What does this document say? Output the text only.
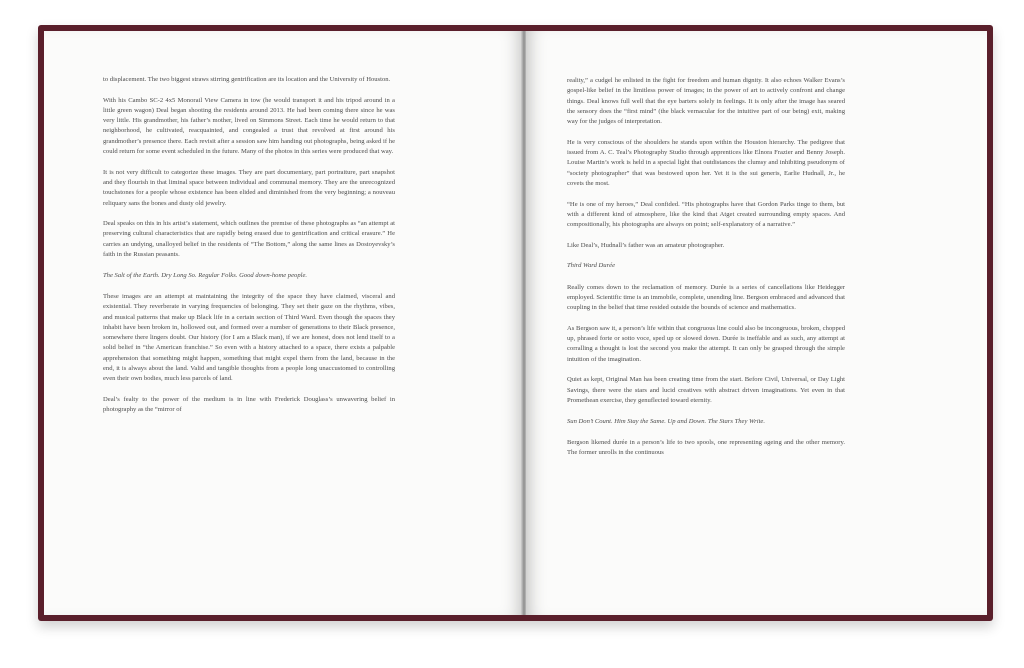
to displacement. The two biggest straws stirring gentrification are its location and the University of Houston.

With his Cambo SC-2 4x5 Monorail View Camera in tow (he would transport it and his tripod around in a little green wagon) Deal began shooting the residents around 2013. He had been coming there since he was very little. His grandmother, his father’s mother, lived on Simmons Street. Each time he would return to that neighborhood, he cultivated, reacquainted, and congealed a trust that revolved at first around his grandmother’s presence there. Each revisit after a session saw him handing out photographs, being asked if he could return for some event scheduled in the future. Many of the photos in this series were produced that way.

It is not very difficult to categorize these images. They are part documentary, part portraiture, part snapshot and they flourish in that liminal space between individual and communal memory. They are the unrecognized touchstones for a people whose existence has been elided and diminished from the very beginning; a nouveau reliquary sans the bones and dusty old jewelry.

Deal speaks on this in his artist’s statement, which outlines the premise of these photographs as “an attempt at preserving cultural characteristics that are rapidly being erased due to gentrification and critical erasure.” He carries an undying, unalloyed belief in the residents of “The Bottom,” along the same lines as Dostoyevsky’s faith in the Russian peasants.

The Salt of the Earth. Dry Long So. Regular Folks. Good down-home people.

These images are an attempt at maintaining the integrity of the space they have claimed, visceral and existential. They reverberate in varying frequencies of belonging. They set their gaze on the rhythms, vibes, and musical patterns that make up Black life in a certain section of Third Ward. Even though the spaces they inhabit have been broken in, hollowed out, and formed over a number of generations to their Black presence, somewhere there lingers doubt. Our history (for I am a Black man), if we are honest, does not lend itself to a solid belief in “the American franchise.” So even with a history attached to a space, there exists a palpable apprehension that something might happen, something that might expel them from the land, because in the end, it is always about the land. Valid and tangible thoughts from a people long unaccustomed to controlling even their own bodies, much less parcels of land.

Deal’s fealty to the power of the medium is in line with Frederick Douglass’s unwavering belief in photography as the “mirror of

reality,” a cudgel he enlisted in the fight for freedom and human dignity. It also echoes Walker Evans’s gospel-like belief in the limitless power of images; in the power of art to actively confront and change things. Deal knows full well that the eye barters solely in feelings. It is only after the image has seared the sensory does the “first mind” (the black vernacular for the intuitive part of our being) exit, making way for the judges of interpretation.

He is very conscious of the shoulders he stands upon within the Houston hierarchy. The pedigree that issued from A. C. Teal’s Photography Studio through apprentices like Elnora Frazier and Benny Joseph. Louise Martin’s work is held in a special light that outdistances the clumsy and inhibiting pseudonym of “society photographer” that was bestowed upon her. Yet it is the sui generis, Earlie Hudnall, Jr., he covets the most.

“He is one of my heroes,” Deal confided. “His photographs have that Gordon Parks tinge to them, but with a different kind of atmosphere, like the kind that Atget created surrounding empty spaces. And compositionally, his photographs are always on point; self-explanatory of a narrative.”

Like Deal’s, Hudnall’s father was an amateur photographer.

Third Ward Durée

Really comes down to the reclamation of memory. Durée is a series of cancellations like Heidegger employed. Scientific time is an immobile, complete, unending line. Bergson embraced and advanced that coupling in the belief that time resided outside the bounds of science and mathematics.

As Bergson saw it, a person’s life within that congruous line could also be incongruous, broken, chopped up, phrased forte or sotto voce, sped up or slowed down. Durée is ineffable and as such, any attempt at corralling a thought is lost the second you make the attempt. It can only be grasped through the simple intuition of the imagination.

Quiet as kept, Original Man has been creating time from the start. Before Civil, Universal, or Day Light Savings, there were the stars and lucid creatives with abstract driven imaginations. Yet even in that Promethean exercise, they genuflected toward eternity.

Sun Don’t Count. Him Stay the Same. Up and Down. The Stars They Write.

Bergson likened durée in a person’s life to two spools, one representing ageing and the other memory. The former unrolls in the continuous
